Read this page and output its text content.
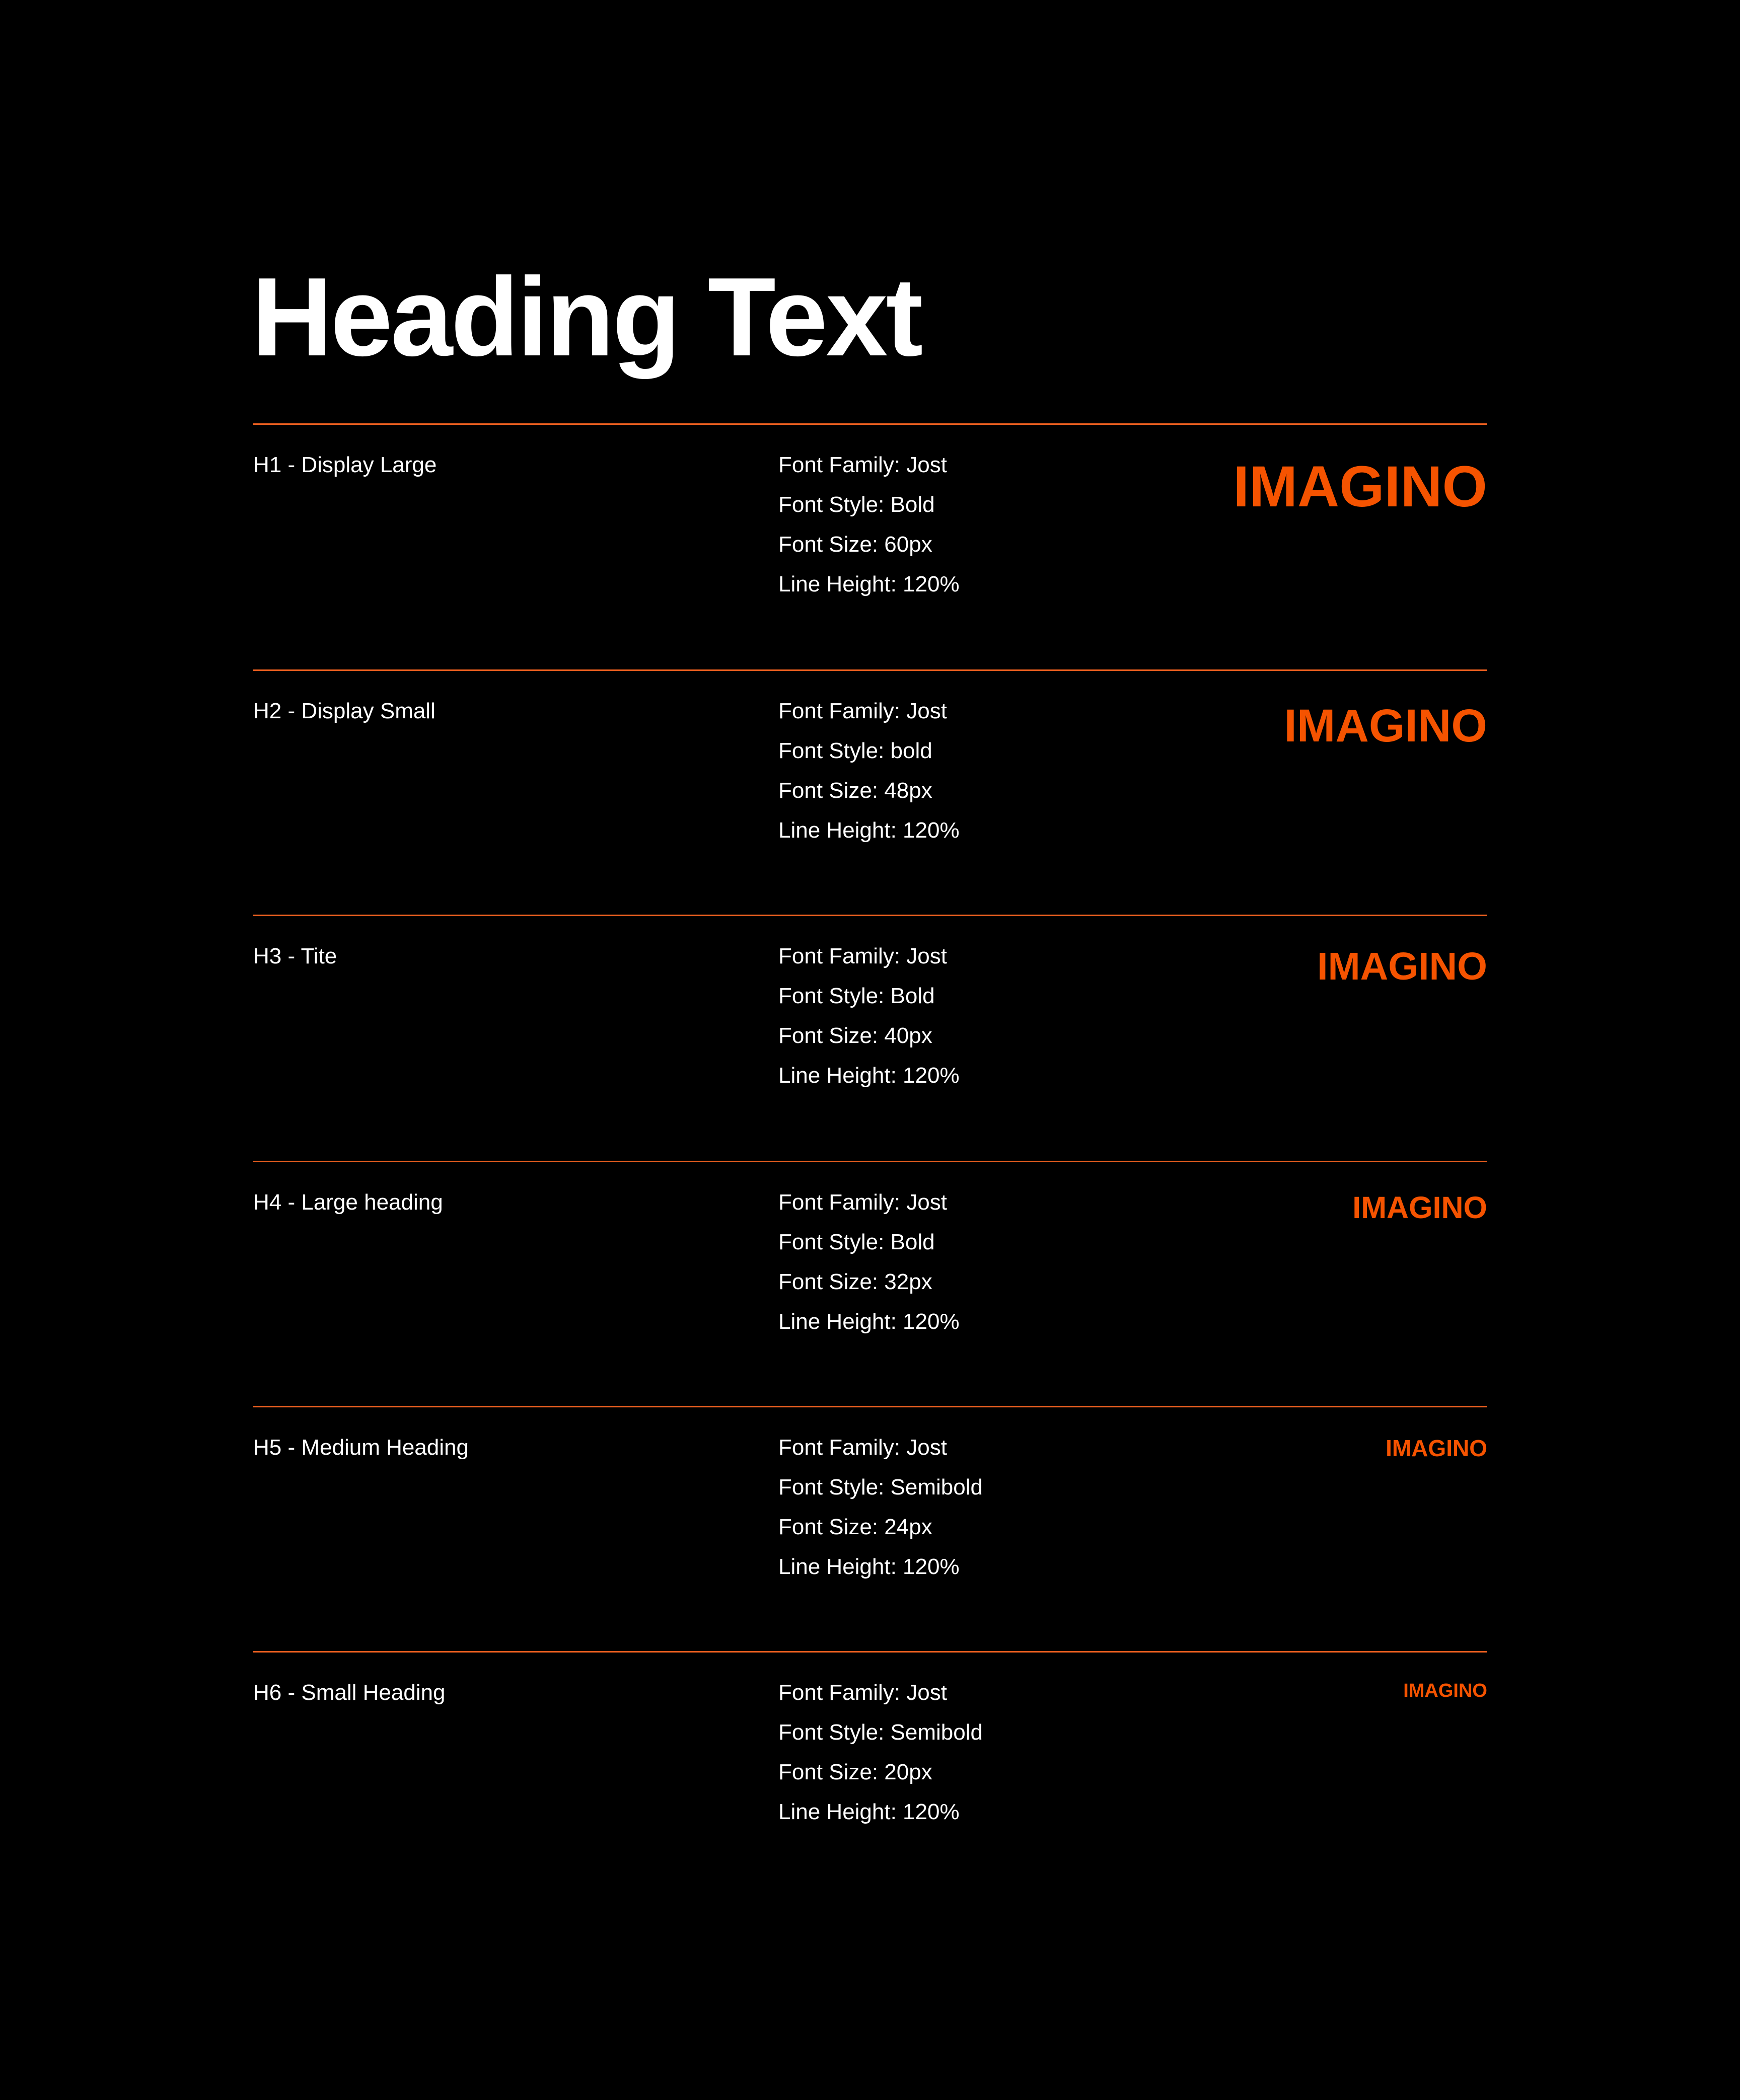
Heading Text
H1 - Display Large	Font Family: Jost
Font Style: Bold
Font Size: 60px
Line Height: 120%
IMAGINO
H2 - Display Small	Font Family: Jost
Font Style: bold
Font Size: 48px
Line Height: 120%
IMAGINO
H3 - Tite	Font Family: Jost
Font Style: Bold
Font Size: 40px
Line Height: 120%
IMAGINO
H4 - Large heading	Font Family: Jost
Font Style: Bold
Font Size: 32px
Line Height: 120%
IMAGINO
H5 - Medium Heading	Font Family: Jost
Font Style: Semibold
Font Size: 24px
Line Height: 120%
IMAGINO
H6 - Small Heading	Font Family: Jost
Font Style: Semibold
Font Size: 20px
Line Height: 120%
IMAGINO
